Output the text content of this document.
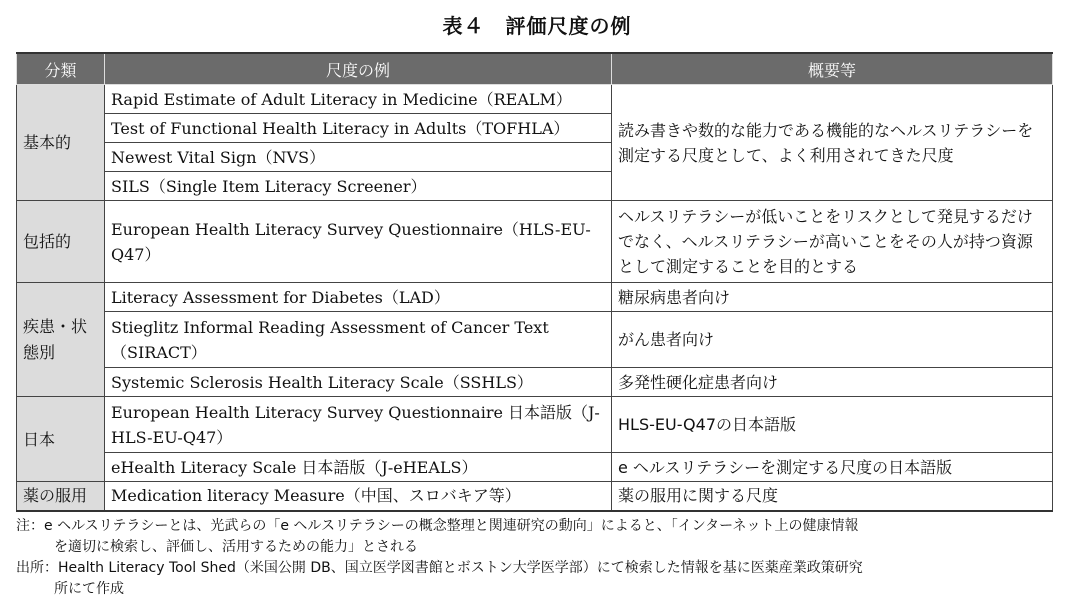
表４　評価尺度の例
分類	尺度の例	概要等
基本的	Rapid Estimate of Adult Literacy in Medicine（REALM）	読み書きや数的な能力である機能的なヘルスリテラシーを測定する尺度として、よく利用されてきた尺度
	Test of Functional Health Literacy in Adults（TOFHLA）	
	Newest Vital Sign（NVS）	
	SILS（Single Item Literacy Screener）	
包括的	European Health Literacy Survey Questionnaire（HLS-EU-Q47）	ヘルスリテラシーが低いことをリスクとして発見するだけでなく、ヘルスリテラシーが高いことをその人が持つ資源として測定することを目的とする
疾患・状態別	Literacy Assessment for Diabetes（LAD）	糖尿病患者向け
	Stieglitz Informal Reading Assessment of Cancer Text（SIRACT）	がん患者向け
	Systemic Sclerosis Health Literacy Scale（SSHLS）	多発性硬化症患者向け
日本	European Health Literacy Survey Questionnaire 日本語版（J-HLS-EU-Q47）	HLS-EU-Q47の日本語版
	eHealth Literacy Scale 日本語版（J-eHEALS）	e ヘルスリテラシーを測定する尺度の日本語版
薬の服用	Medication literacy Measure（中国、スロバキア等）	薬の服用に関する尺度
注：e ヘルスリテラシーとは、光武らの「e ヘルスリテラシーの概念整理と関連研究の動向」によると、「インターネット上の健康情報
を適切に検索し、評価し、活用するための能力」とされる
出所：Health Literacy Tool Shed（米国公開 DB、国立医学図書館とボストン大学医学部）にて検索した情報を基に医薬産業政策研究
所にて作成
